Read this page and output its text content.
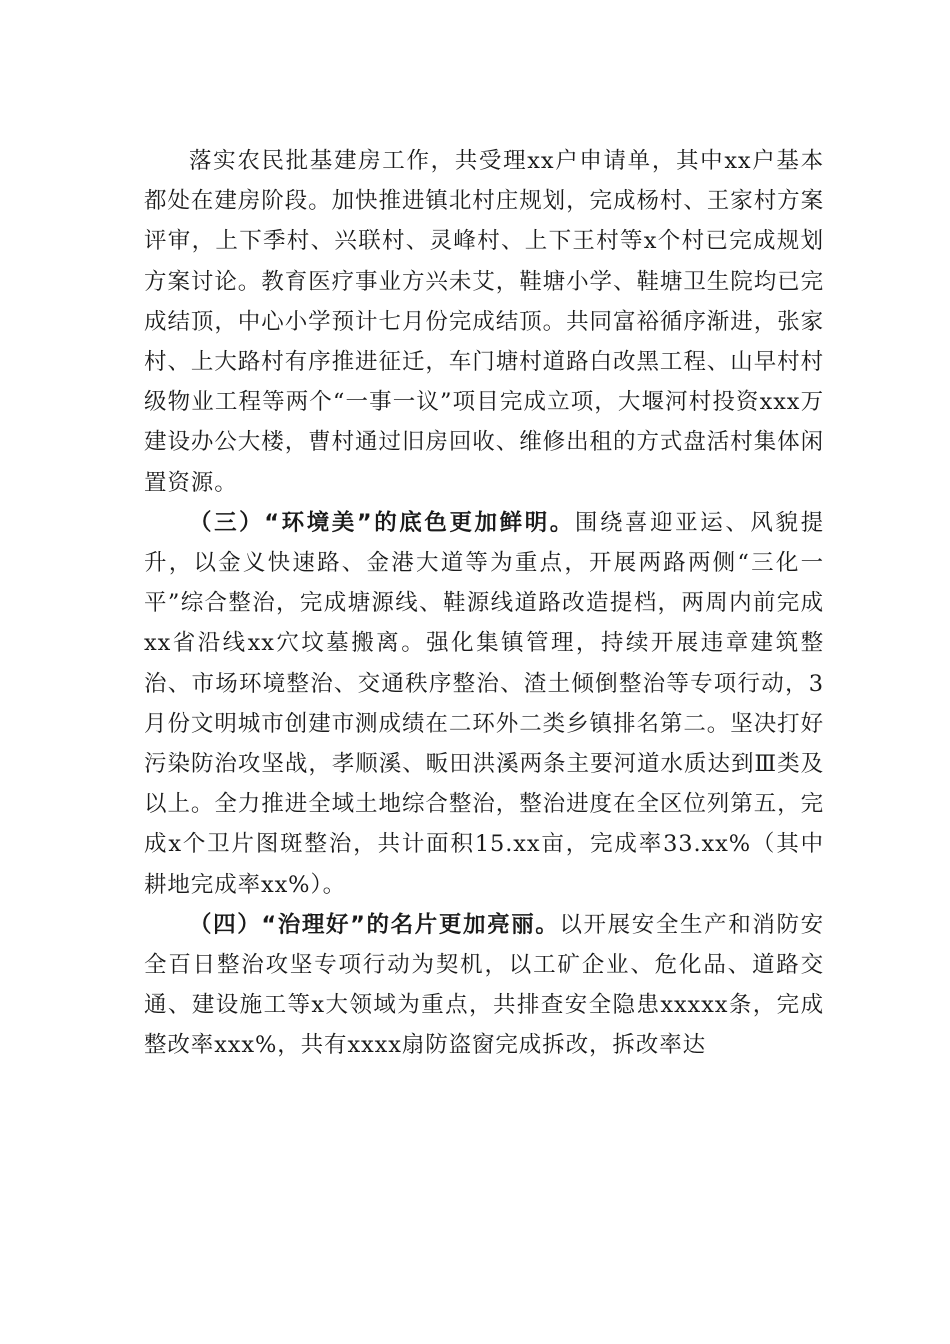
落实农民批基建房工作，共受理xx户申请单，其中xx户基本都处在建房阶段。加快推进镇北村庄规划，完成杨村、王家村方案评审，上下季村、兴联村、灵峰村、上下王村等x个村已完成规划方案讨论。教育医疗事业方兴未艾，鞋塘小学、鞋塘卫生院均已完成结顶，中心小学预计七月份完成结顶。共同富裕循序渐进，张家村、上大路村有序推进征迁，车门塘村道路白改黑工程、山早村村级物业工程等两个“一事一议”项目完成立项，大堰河村投资xxx万建设办公大楼，曹村通过旧房回收、维修出租的方式盘活村集体闲置资源。

（三）“环境美”的底色更加鲜明。围绕喜迎亚运、风貌提升，以金义快速路、金港大道等为重点，开展两路两侧“三化一平”综合整治，完成塘源线、鞋源线道路改造提档，两周内前完成xx省沿线xx穴坟墓搬离。强化集镇管理，持续开展违章建筑整治、市场环境整治、交通秩序整治、渣土倾倒整治等专项行动，3月份文明城市创建市测成绩在二环外二类乡镇排名第二。坚决打好污染防治攻坚战，孝顺溪、畈田洪溪两条主要河道水质达到Ⅲ类及以上。全力推进全域土地综合整治，整治进度在全区位列第五，完成x个卫片图斑整治，共计面积15.xx亩，完成率33.xx%（其中耕地完成率xx%）。

（四）“治理好”的名片更加亮丽。以开展安全生产和消防安全百日整治攻坚专项行动为契机，以工矿企业、危化品、道路交通、建设施工等x大领域为重点，共排查安全隐患xxxxx条，完成整改率xxx%，共有xxxx扇防盗窗完成拆改，拆改率达
